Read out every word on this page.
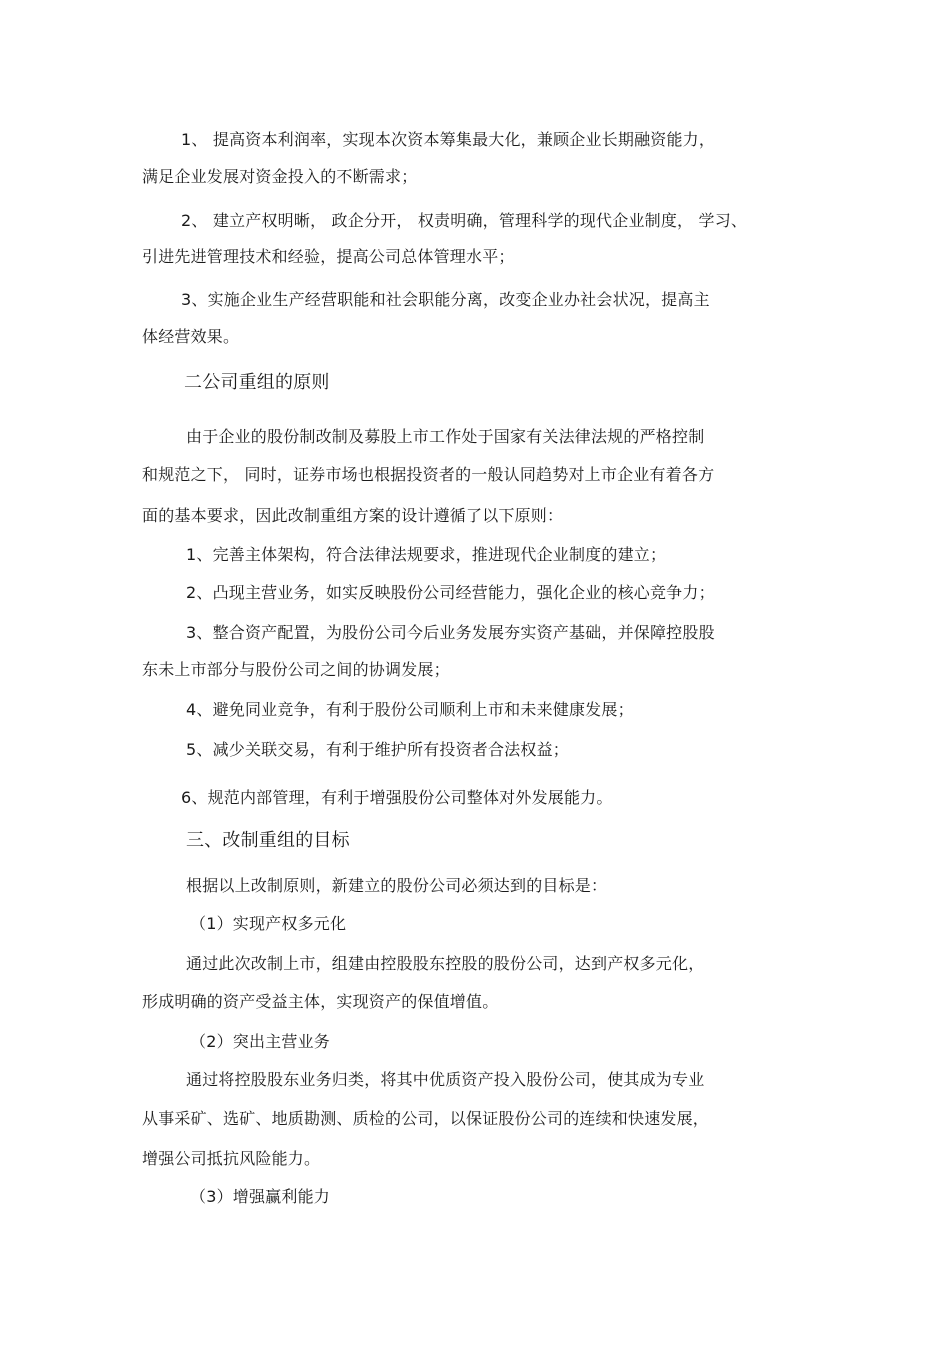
1、 提高资本利润率，实现本次资本筹集最大化，兼顾企业长期融资能力，
满足企业发展对资金投入的不断需求；
2、 建立产权明晰， 政企分开， 权责明确，管理科学的现代企业制度， 学习、
引进先进管理技术和经验，提高公司总体管理水平；
3、实施企业生产经营职能和社会职能分离，改变企业办社会状况，提高主
体经营效果。
二公司重组的原则
由于企业的股份制改制及募股上市工作处于国家有关法律法规的严格控制
和规范之下， 同时，证券市场也根据投资者的一般认同趋势对上市企业有着各方
面的基本要求，因此改制重组方案的设计遵循了以下原则：
1、完善主体架构，符合法律法规要求，推进现代企业制度的建立；
2、凸现主营业务，如实反映股份公司经营能力，强化企业的核心竞争力；
3、整合资产配置，为股份公司今后业务发展夯实资产基础，并保障控股股
东未上市部分与股份公司之间的协调发展；
4、避免同业竞争，有利于股份公司顺利上市和未来健康发展；
5、减少关联交易，有利于维护所有投资者合法权益；
6、规范内部管理，有利于增强股份公司整体对外发展能力。
三、改制重组的目标
根据以上改制原则，新建立的股份公司必须达到的目标是：
（1）实现产权多元化
通过此次改制上市，组建由控股股东控股的股份公司，达到产权多元化，
形成明确的资产受益主体，实现资产的保值增值。
（2）突出主营业务
通过将控股股东业务归类，将其中优质资产投入股份公司，使其成为专业
从事采矿、选矿、地质勘测、质检的公司，以保证股份公司的连续和快速发展，
增强公司抵抗风险能力。
（3）增强赢利能力
